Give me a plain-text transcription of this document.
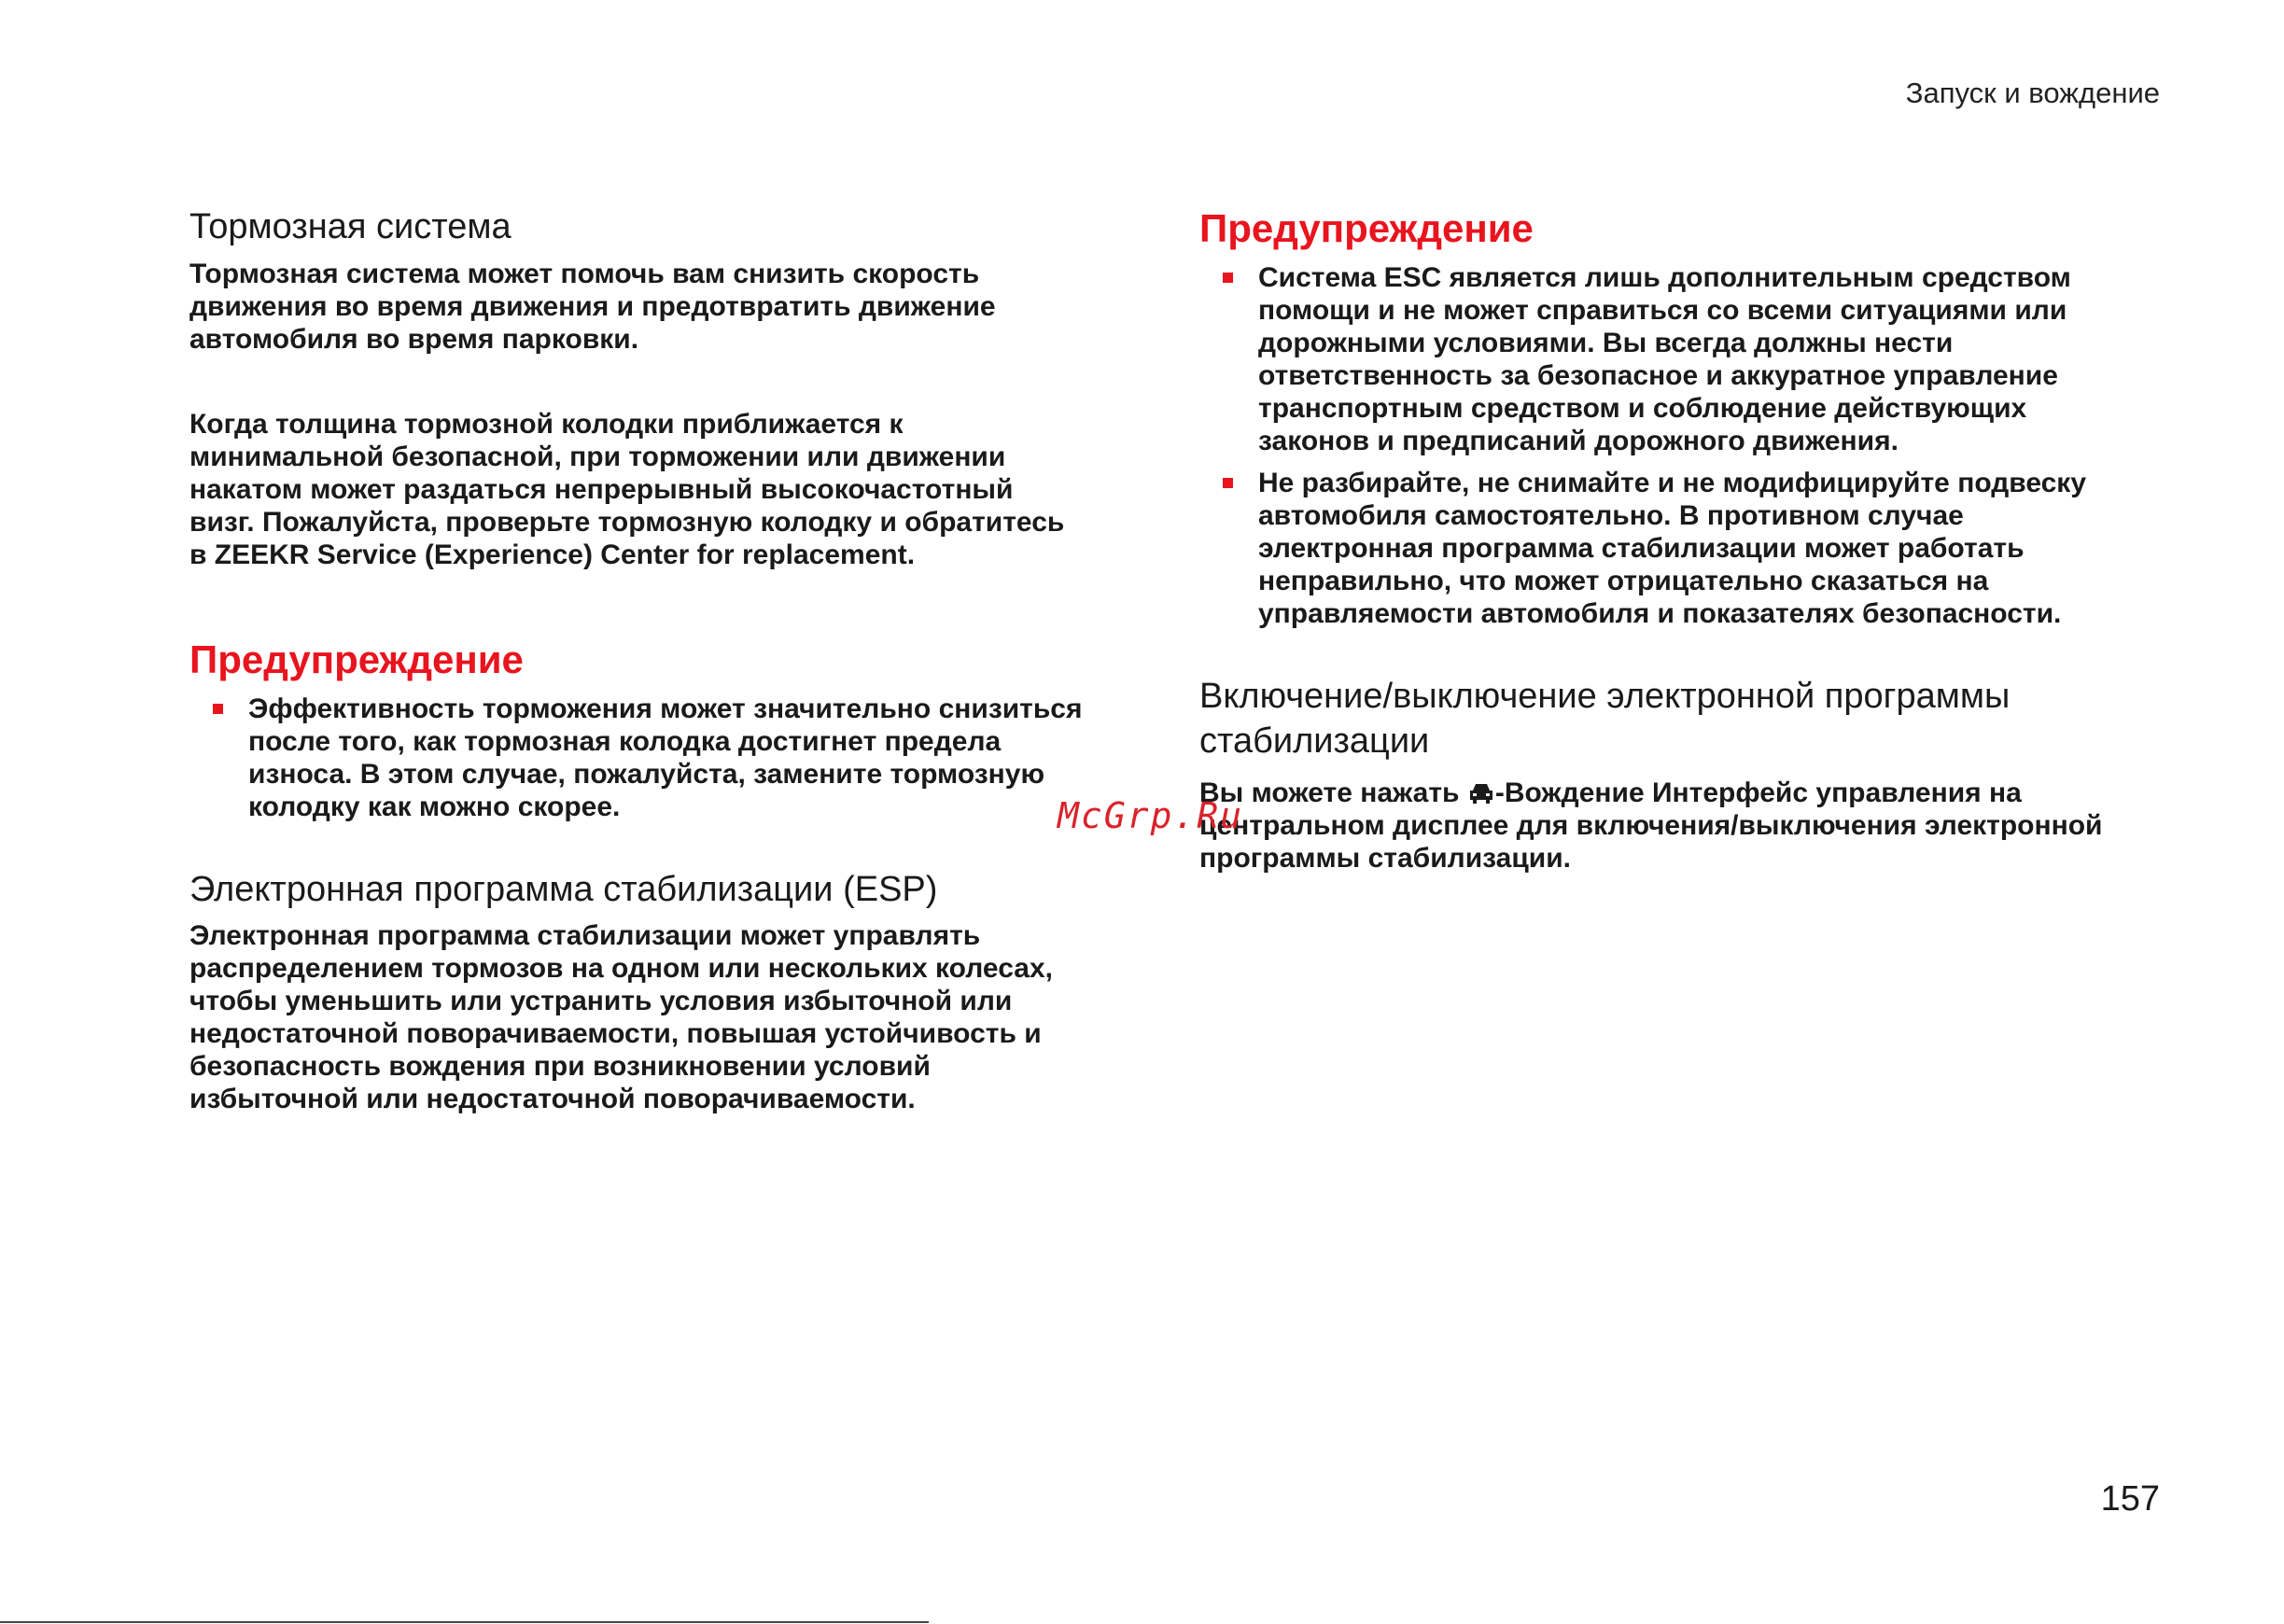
Запуск и вождение
Тормозная система

Тормозная система может помочь вам снизить скорость движения во время движения и предотвратить движение автомобиля во время парковки.

Когда толщина тормозной колодки приближается к минимальной безопасной, при торможении или движении накатом может раздаться непрерывный высокочастотный визг. Пожалуйста, проверьте тормозную колодку и обратитесь в ZEEKR Service (Experience) Center for replacement.

Предупреждение
Эффективность торможения может значительно снизиться после того, как тормозная колодка достигнет предела износа. В этом случае, пожалуйста, замените тормозную колодку как можно скорее.
Электронная программа стабилизации (ESP)

Электронная программа стабилизации может управлять распределением тормозов на одном или нескольких колесах, чтобы уменьшить или устранить условия избыточной или недостаточной поворачиваемости, повышая устойчивость и безопасность вождения при возникновении условий избыточной или недостаточной поворачиваемости.

Предупреждение
Система ESC является лишь дополнительным средством помощи и не может справиться со всеми ситуациями или дорожными условиями. Вы всегда должны нести ответственность за безопасное и аккуратное управление транспортным средством и соблюдение действующих законов и предписаний дорожного движения.
Не разбирайте, не снимайте и не модифицируйте подвеску автомобиля самостоятельно. В противном случае электронная программа стабилизации может работать неправильно, что может отрицательно сказаться на управляемости автомобиля и показателях безопасности.
Включение/выключение электронной программы стабилизации

Вы можете нажать -Вождение Интерфейс управления на центральном дисплее для включения/выключения электронной программы стабилизации.

McGrp.Ru
157
